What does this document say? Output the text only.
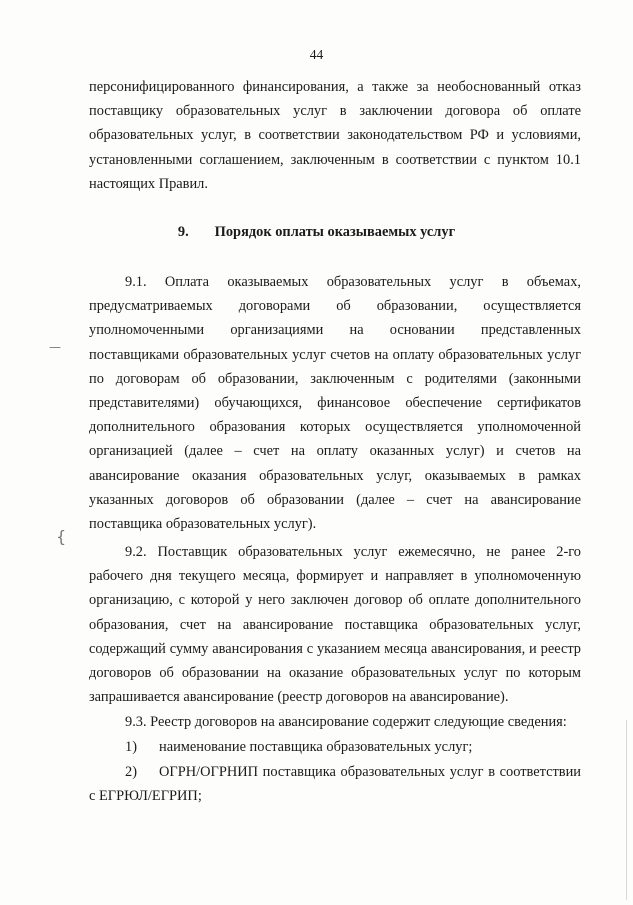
44

персонифицированного финансирования, а также за необоснованный отказ поставщику образовательных услуг в заключении договора об оплате образовательных услуг, в соответствии законодательством РФ и условиями, установленными соглашением, заключенным в соответствии с пунктом 10.1 настоящих Правил.

9. Порядок оплаты оказываемых услуг

9.1. Оплата оказываемых образовательных услуг в объемах, предусматриваемых договорами об образовании, осуществляется уполномоченными организациями на основании представленных поставщиками образовательных услуг счетов на оплату образовательных услуг по договорам об образовании, заключенным с родителями (законными представителями) обучающихся, финансовое обеспечение сертификатов дополнительного образования которых осуществляется уполномоченной организацией (далее – счет на оплату оказанных услуг) и счетов на авансирование оказания образовательных услуг, оказываемых в рамках указанных договоров об образовании (далее – счет на авансирование поставщика образовательных услуг).

9.2. Поставщик образовательных услуг ежемесячно, не ранее 2-го рабочего дня текущего месяца, формирует и направляет в уполномоченную организацию, с которой у него заключен договор об оплате дополнительного образования, счет на авансирование поставщика образовательных услуг, содержащий сумму авансирования с указанием месяца авансирования, и реестр договоров об образовании на оказание образовательных услуг по которым запрашивается авансирование (реестр договоров на авансирование).

9.3. Реестр договоров на авансирование содержит следующие сведения:

1) наименование поставщика образовательных услуг;

2) ОГРН/ОГРНИП поставщика образовательных услуг в соответствии с ЕГРЮЛ/ЕГРИП;

—
{
